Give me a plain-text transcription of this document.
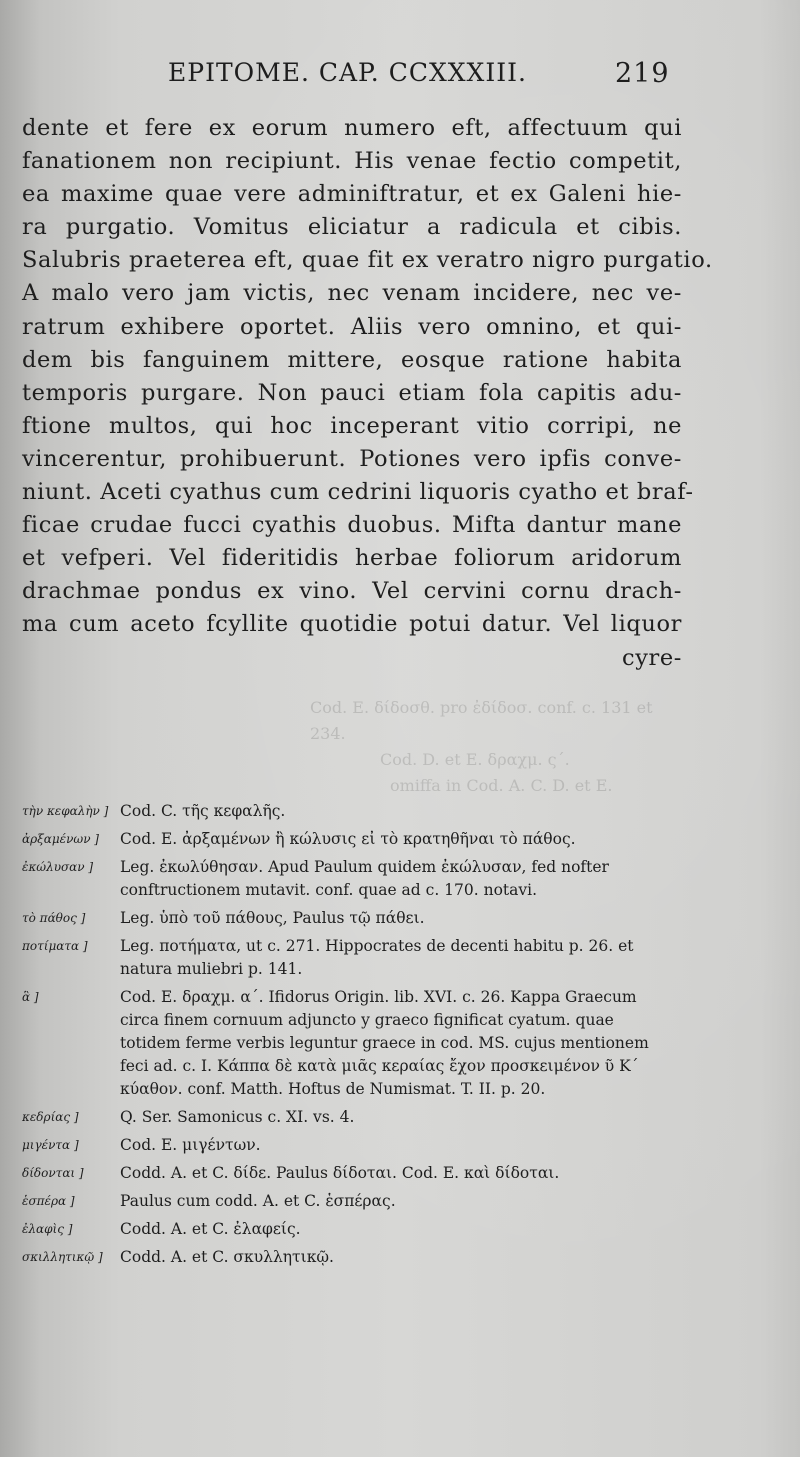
Cod. E. δίδοσθ. pro ἐδίδοσ. conf. c. 131 et 234.
Cod. D. et E. δραχμ. ς΄.
omiffa in Cod. A. C. D. et E.
EPITOME. CAP. CCXXXIII.	219
dente et fere ex eorum numero eft, affectuum qui
fanationem non recipiunt. His venae fectio competit,
ea maxime quae vere adminiftratur, et ex Galeni hie-
ra purgatio. Vomitus eliciatur a radicula et cibis.
Salubris praeterea eft, quae fit ex veratro nigro purgatio.
A malo vero jam victis, nec venam incidere, nec ve-
ratrum exhibere oportet. Aliis vero omnino, et qui-
dem bis fanguinem mittere, eosque ratione habita
temporis purgare. Non pauci etiam fola capitis adu-
ftione multos, qui hoc inceperant vitio corripi, ne
vincerentur, prohibuerunt. Potiones vero ipfis conve-
niunt. Aceti cyathus cum cedrini liquoris cyatho et braf-
ficae crudae fucci cyathis duobus. Mifta dantur mane
et vefperi. Vel fideritidis herbae foliorum aridorum
drachmae pondus ex vino. Vel cervini cornu drach-
ma cum aceto fcyllite quotidie potui datur. Vel liquor
cyre-
τὴν κεφαλὴν ] Cod. C. τῆς κεφαλῆς.
ἀρξαμένων ]	Cod. E. ἀρξαμένων ἢ κώλυσις εἰ τὸ κρατηθῆναι τὸ πάθος.
ἐκώλυσαν ]	Leg. ἐκωλύθησαν. Apud Paulum quidem ἐκώλυσαν, fed nofter conftructionem mutavit. conf. quae ad c. 170. notavi.
τὸ πάθος ]	Leg. ὑπὸ τοῦ πάθους, Paulus τῷ πάθει.
ποτίματα ]	Leg. ποτήματα, ut c. 271. Hippocrates de decenti habitu p. 26. et natura muliebri p. 141.
ἃ ]	Cod. E. δραχμ. α΄. Ifidorus Origin. lib. XVI. c. 26. Kappa Graecum circa finem cornuum adjuncto y graeco fignificat cyatum. quae totidem ferme verbis leguntur graece in cod. MS. cujus mentionem feci ad. c. I. Κάππα δὲ κατὰ μιᾶς κεραίας ἔχον προσκειμένον ῦ Κ΄ κύαθον. conf. Matth. Hoftus de Numismat. T. II. p. 20.
κεδρίας ]	Q. Ser. Samonicus c. XI. vs. 4.
μιγέντα ]	Cod. E. μιγέντων.
δίδονται ]	Codd. A. et C. δίδε. Paulus δίδοται. Cod. E. καὶ δίδοται.
ἑσπέρα ]	Paulus cum codd. A. et C. ἑσπέρας.
ἐλαφὶς ]	Codd. A. et C. ἐλαφείς.
σκιλλητικῷ ]	Codd. A. et C. σκυλλητικῷ.
